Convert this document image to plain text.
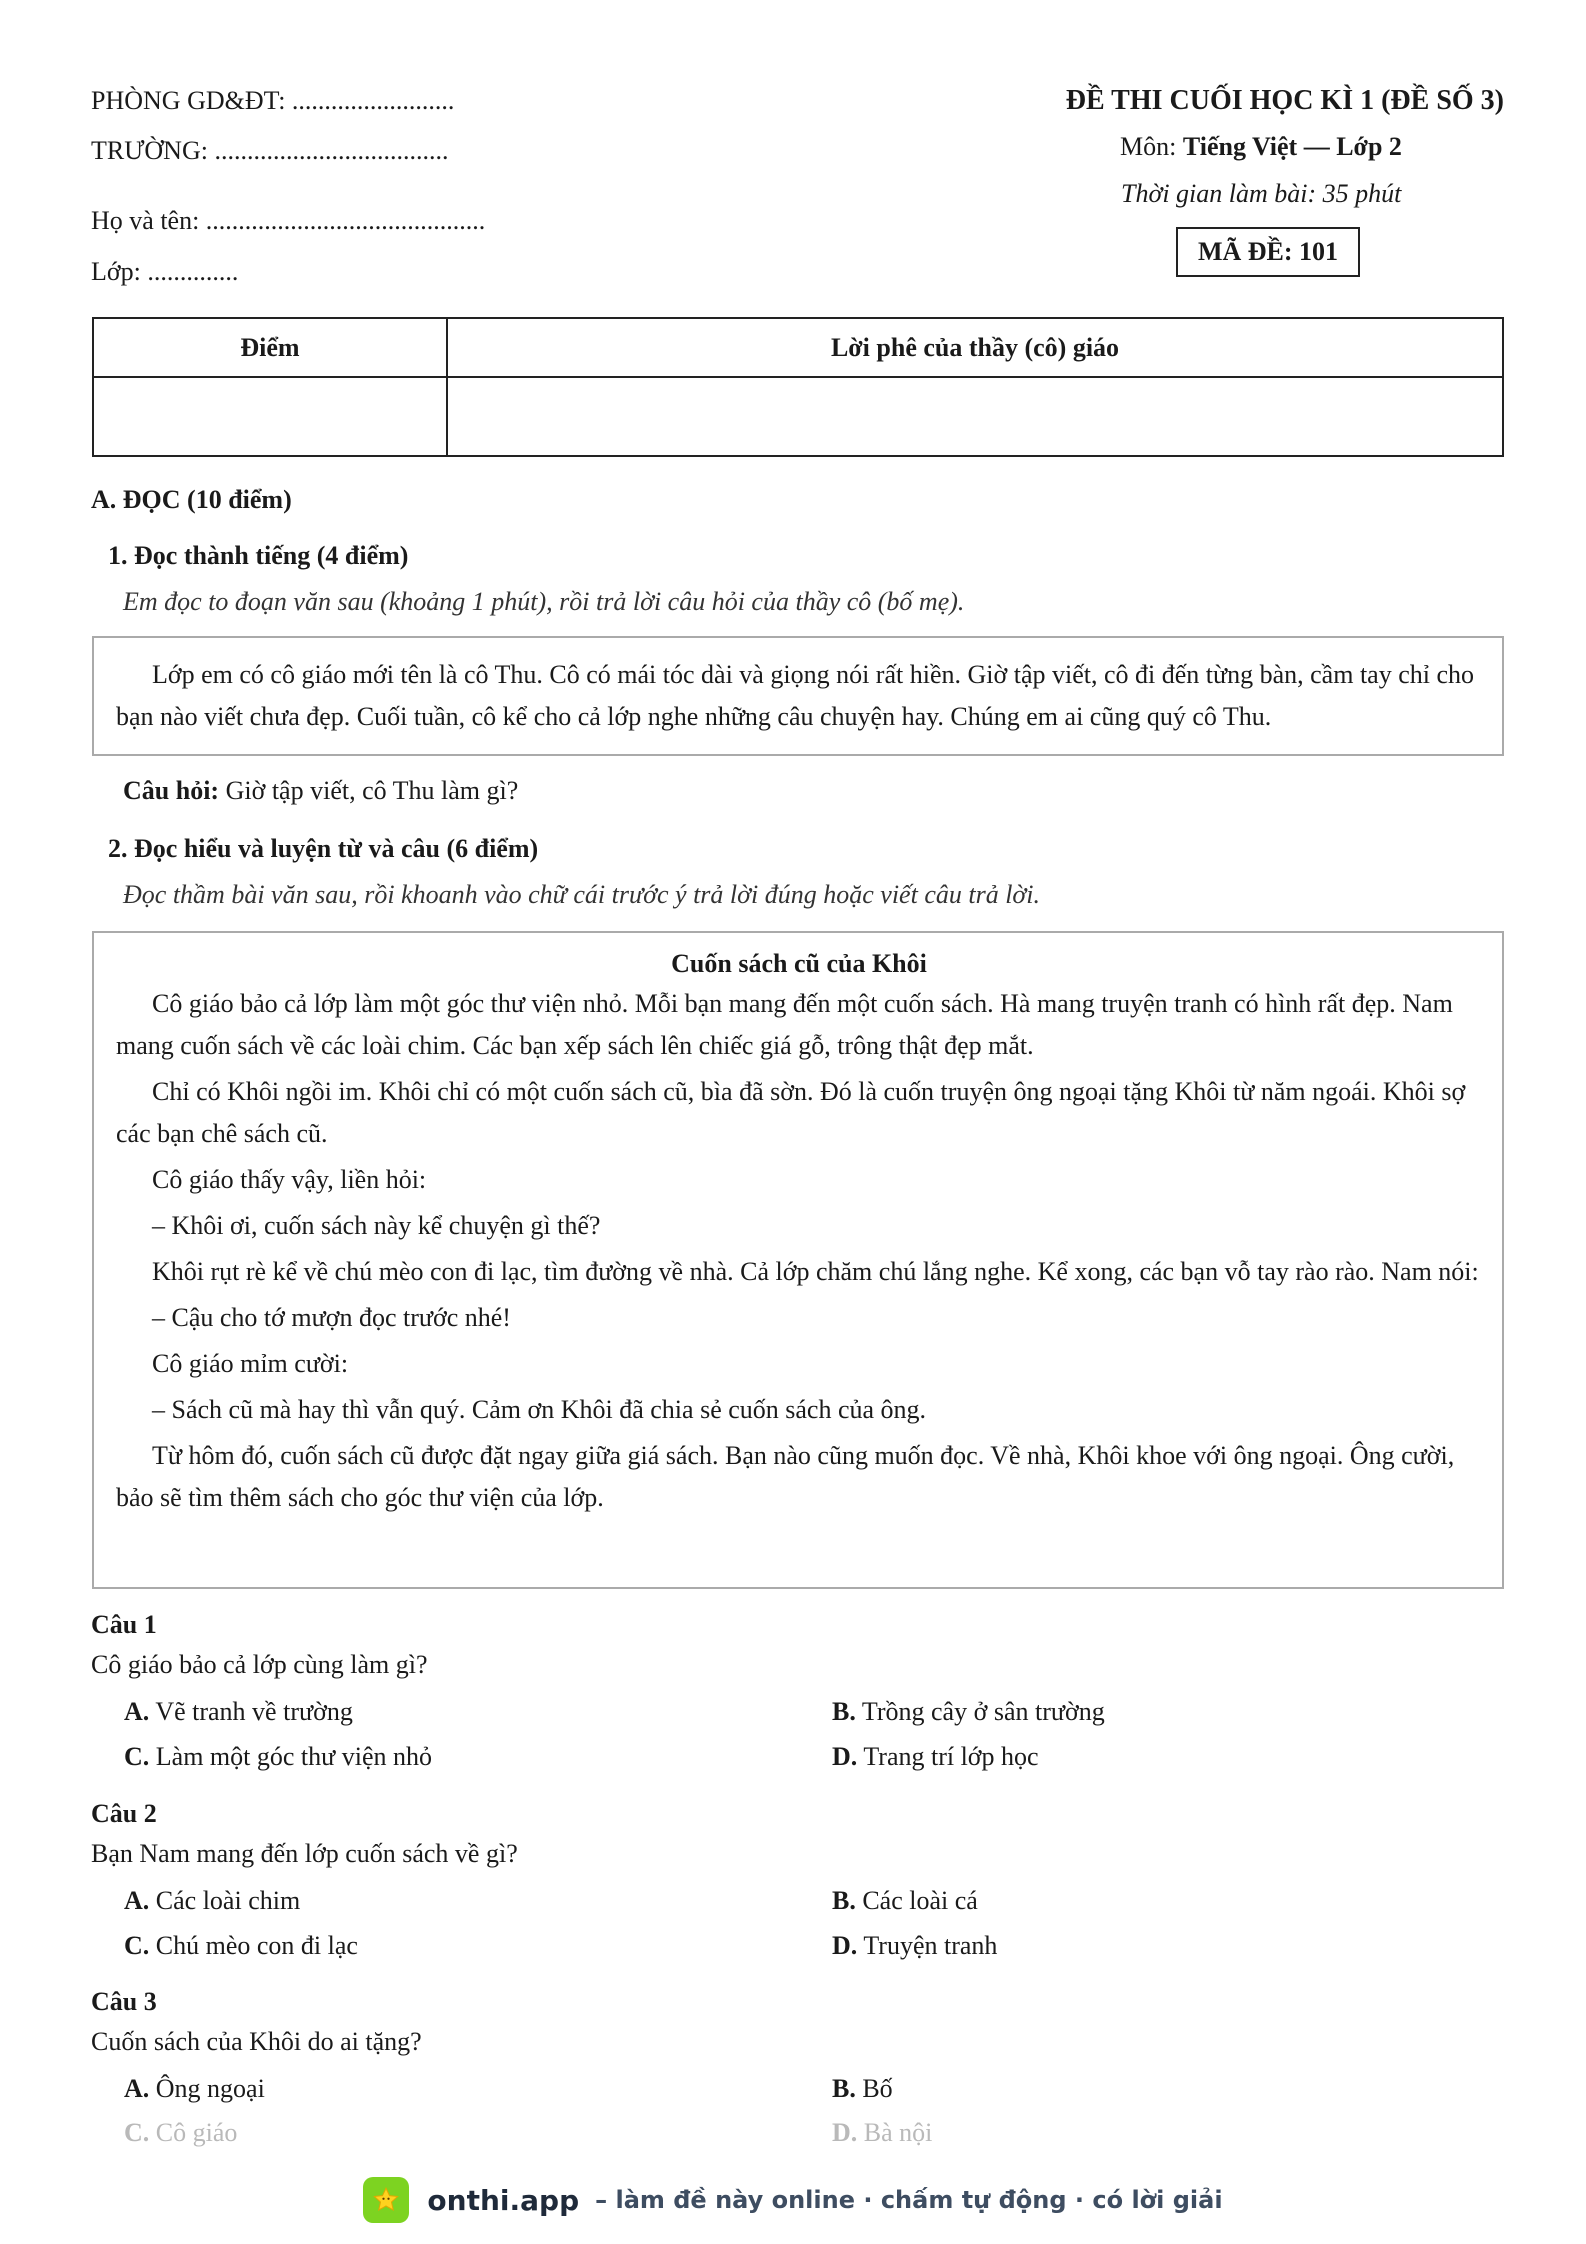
PHÒNG GD&ĐT: .........................
TRƯỜNG: ....................................
Họ và tên: ...........................................
Lớp: ..............
ĐỀ THI CUỐI HỌC KÌ 1 (ĐỀ SỐ 3)
Môn: Tiếng Việt — Lớp 2
Thời gian làm bài: 35 phút
MÃ ĐỀ: 101
Điểm	Lời phê của thầy (cô) giáo

A. ĐỌC (10 điểm)
1. Đọc thành tiếng (4 điểm)
Em đọc to đoạn văn sau (khoảng 1 phút), rồi trả lời câu hỏi của thầy cô (bố mẹ).

Lớp em có cô giáo mới tên là cô Thu. Cô có mái tóc dài và giọng nói rất hiền. Giờ tập viết, cô đi đến từng bàn, cầm tay chỉ cho bạn nào viết chưa đẹp. Cuối tuần, cô kể cho cả lớp nghe những câu chuyện hay. Chúng em ai cũng quý cô Thu.

Câu hỏi: Giờ tập viết, cô Thu làm gì?
2. Đọc hiểu và luyện từ và câu (6 điểm)
Đọc thầm bài văn sau, rồi khoanh vào chữ cái trước ý trả lời đúng hoặc viết câu trả lời.
Cuốn sách cũ của Khôi

Cô giáo bảo cả lớp làm một góc thư viện nhỏ. Mỗi bạn mang đến một cuốn sách. Hà mang truyện tranh có hình rất đẹp. Nam mang cuốn sách về các loài chim. Các bạn xếp sách lên chiếc giá gỗ, trông thật đẹp mắt.

Chỉ có Khôi ngồi im. Khôi chỉ có một cuốn sách cũ, bìa đã sờn. Đó là cuốn truyện ông ngoại tặng Khôi từ năm ngoái. Khôi sợ các bạn chê sách cũ.

Cô giáo thấy vậy, liền hỏi:

– Khôi ơi, cuốn sách này kể chuyện gì thế?

Khôi rụt rè kể về chú mèo con đi lạc, tìm đường về nhà. Cả lớp chăm chú lắng nghe. Kể xong, các bạn vỗ tay rào rào. Nam nói:

– Cậu cho tớ mượn đọc trước nhé!

Cô giáo mỉm cười:

– Sách cũ mà hay thì vẫn quý. Cảm ơn Khôi đã chia sẻ cuốn sách của ông.

Từ hôm đó, cuốn sách cũ được đặt ngay giữa giá sách. Bạn nào cũng muốn đọc. Về nhà, Khôi khoe với ông ngoại. Ông cười, bảo sẽ tìm thêm sách cho góc thư viện của lớp.

Câu 1
Cô giáo bảo cả lớp cùng làm gì?
A. Vẽ tranh về trường	B. Trồng cây ở sân trường
C. Làm một góc thư viện nhỏ	D. Trang trí lớp học
Câu 2
Bạn Nam mang đến lớp cuốn sách về gì?
A. Các loài chim	B. Các loài cá
C. Chú mèo con đi lạc	D. Truyện tranh
Câu 3
Cuốn sách của Khôi do ai tặng?
A. Ông ngoại	B. Bố
C. Cô giáo	D. Bà nội
onthi.app – làm đề này online · chấm tự động · có lời giải
